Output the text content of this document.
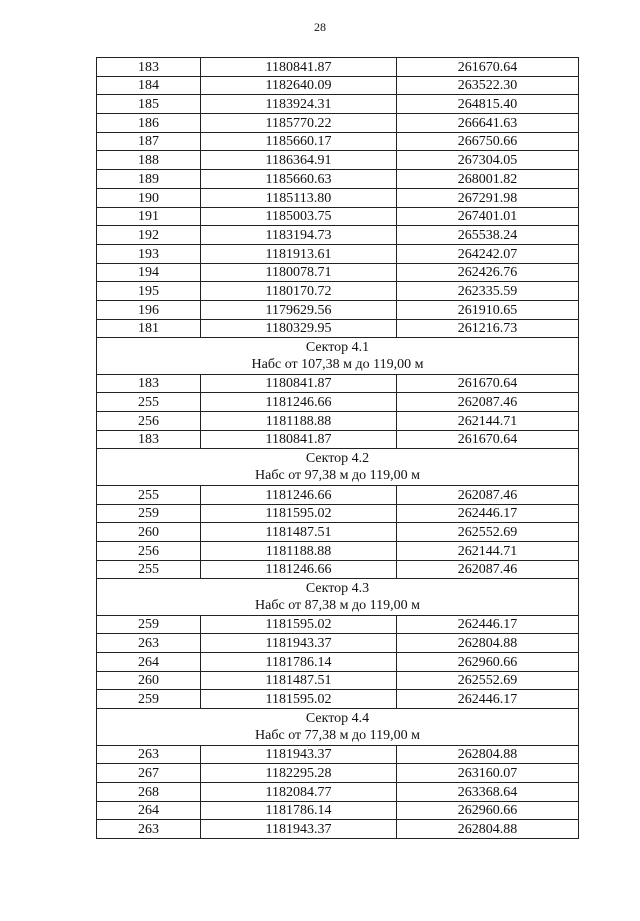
28
183	1180841.87	261670.64
184	1182640.09	263522.30
185	1183924.31	264815.40
186	1185770.22	266641.63
187	1185660.17	266750.66
188	1186364.91	267304.05
189	1185660.63	268001.82
190	1185113.80	267291.98
191	1185003.75	267401.01
192	1183194.73	265538.24
193	1181913.61	264242.07
194	1180078.71	262426.76
195	1180170.72	262335.59
196	1179629.56	261910.65
181	1180329.95	261216.73

Сектор 4.1
Набс от 107,38 м до 119,00 м		

183	1180841.87	261670.64
255	1181246.66	262087.46
256	1181188.88	262144.71
183	1180841.87	261670.64

Сектор 4.2
Набс от 97,38 м до 119,00 м		

255	1181246.66	262087.46
259	1181595.02	262446.17
260	1181487.51	262552.69
256	1181188.88	262144.71
255	1181246.66	262087.46

Сектор 4.3
Набс от 87,38 м до 119,00 м		

259	1181595.02	262446.17
263	1181943.37	262804.88
264	1181786.14	262960.66
260	1181487.51	262552.69
259	1181595.02	262446.17

Сектор 4.4
Набс от 77,38 м до 119,00 м		

263	1181943.37	262804.88
267	1182295.28	263160.07
268	1182084.77	263368.64
264	1181786.14	262960.66
263	1181943.37	262804.88
